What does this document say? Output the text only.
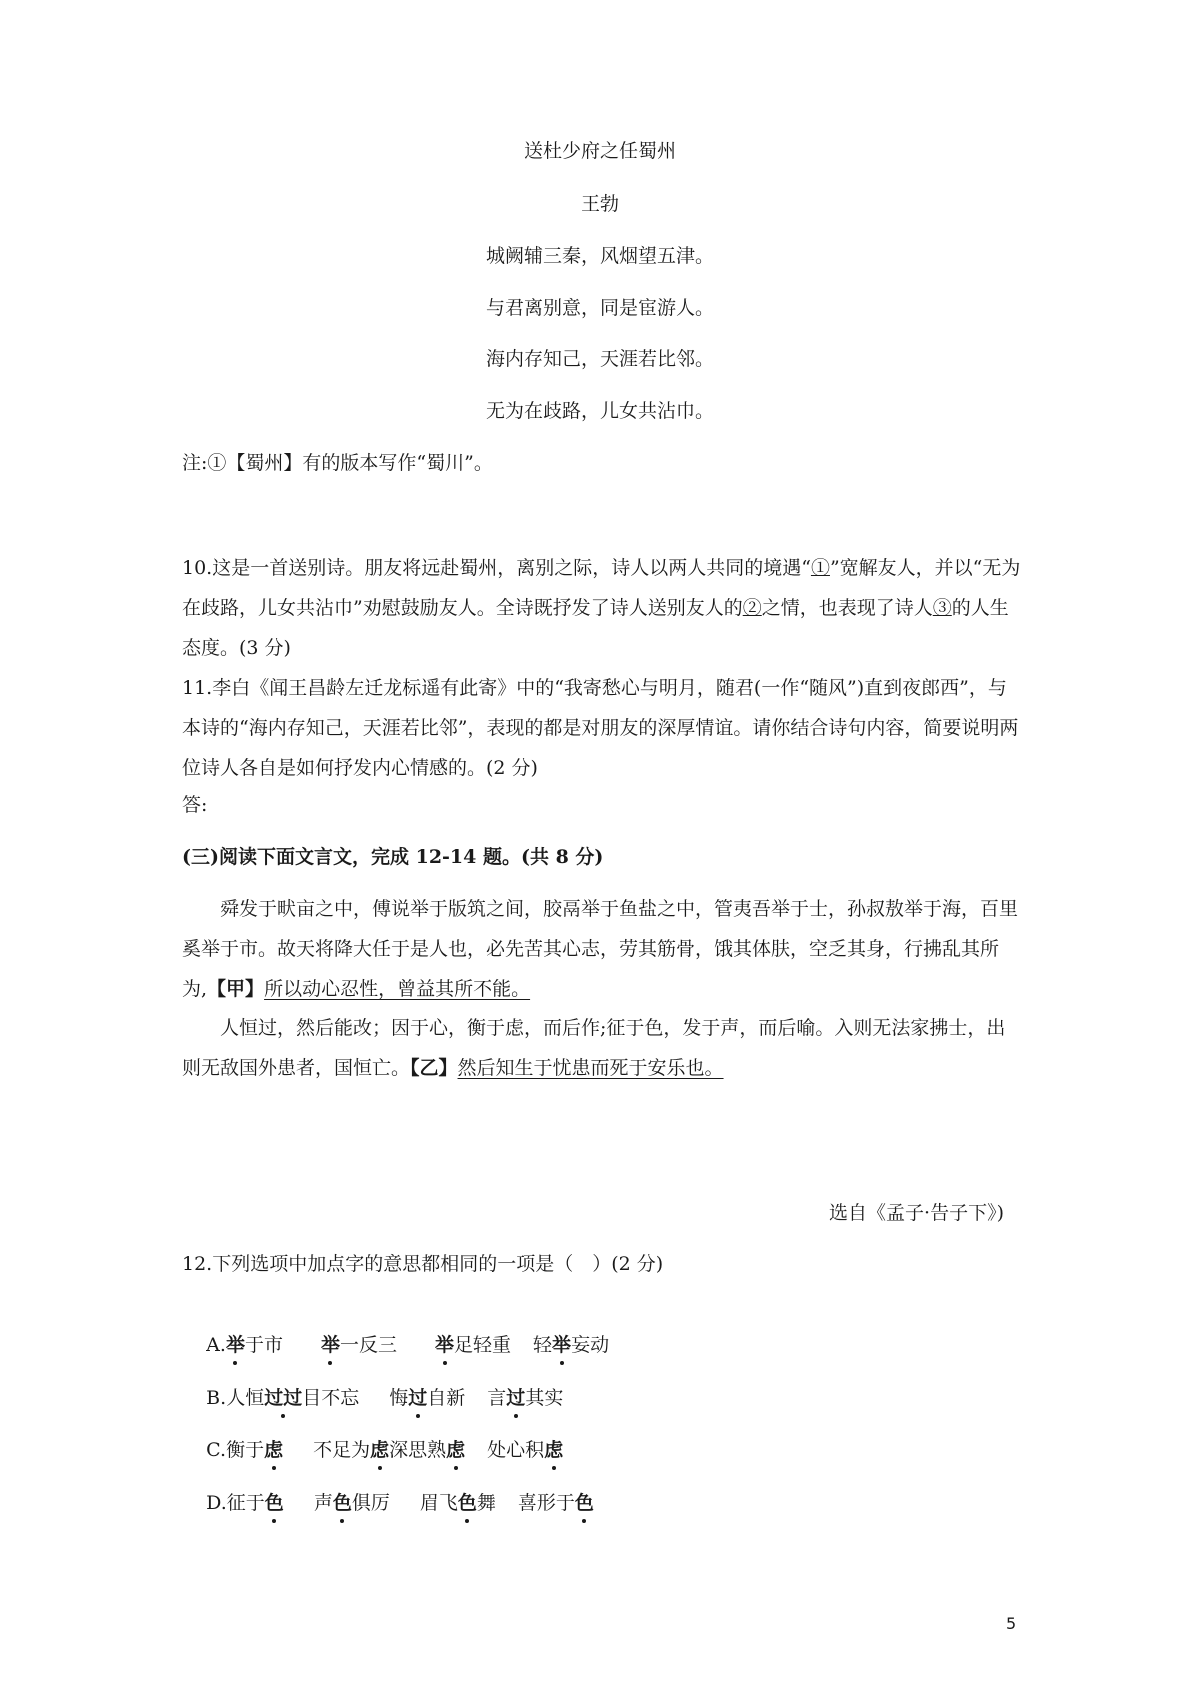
送杜少府之任蜀州
王勃
城阙辅三秦，风烟望五津。
与君离别意，同是宦游人。
海内存知己，天涯若比邻。
无为在歧路，儿女共沾巾。
注:①【蜀州】有的版本写作“蜀川”。
10.这是一首送别诗。朋友将远赴蜀州，离别之际，诗人以两人共同的境遇“①”宽解友人，并以“无为在歧路，儿女共沾巾”劝慰鼓励友人。全诗既抒发了诗人送别友人的②之情，也表现了诗人③的人生态度。(3 分)
11.李白《闻王昌龄左迁龙标遥有此寄》中的“我寄愁心与明月，随君(一作“随风”)直到夜郎西”，与本诗的“海内存知己，天涯若比邻”，表现的都是对朋友的深厚情谊。请你结合诗句内容，简要说明两位诗人各自是如何抒发内心情感的。(2 分)
答:
(三)阅读下面文言文，完成 12-14 题。(共 8 分)
舜发于畎亩之中，傅说举于版筑之间，胶鬲举于鱼盐之中，管夷吾举于士，孙叔敖举于海，百里奚举于市。故天将降大任于是人也，必先苦其心志，劳其筋骨，饿其体肤，空乏其身，行拂乱其所为,【甲】所以动心忍性，曾益其所不能。
人恒过，然后能改；因于心，衡于虑，而后作;征于色，发于声，而后喻。入则无法家拂士，出则无敌国外患者，国恒亡。【乙】然后知生于忧患而死于安乐也。
选自《孟子·告子下》)
12.下列选项中加点字的意思都相同的一项是（　）(2 分)

A.举于市 举一反三 举足轻重 轻举妄动

B.人恒过过目不忘 悔过自新 言过其实

C.衡于虑 不足为虑深思熟虑 处心积虑

D.征于色 声色俱厉 眉飞色舞 喜形于色

5
